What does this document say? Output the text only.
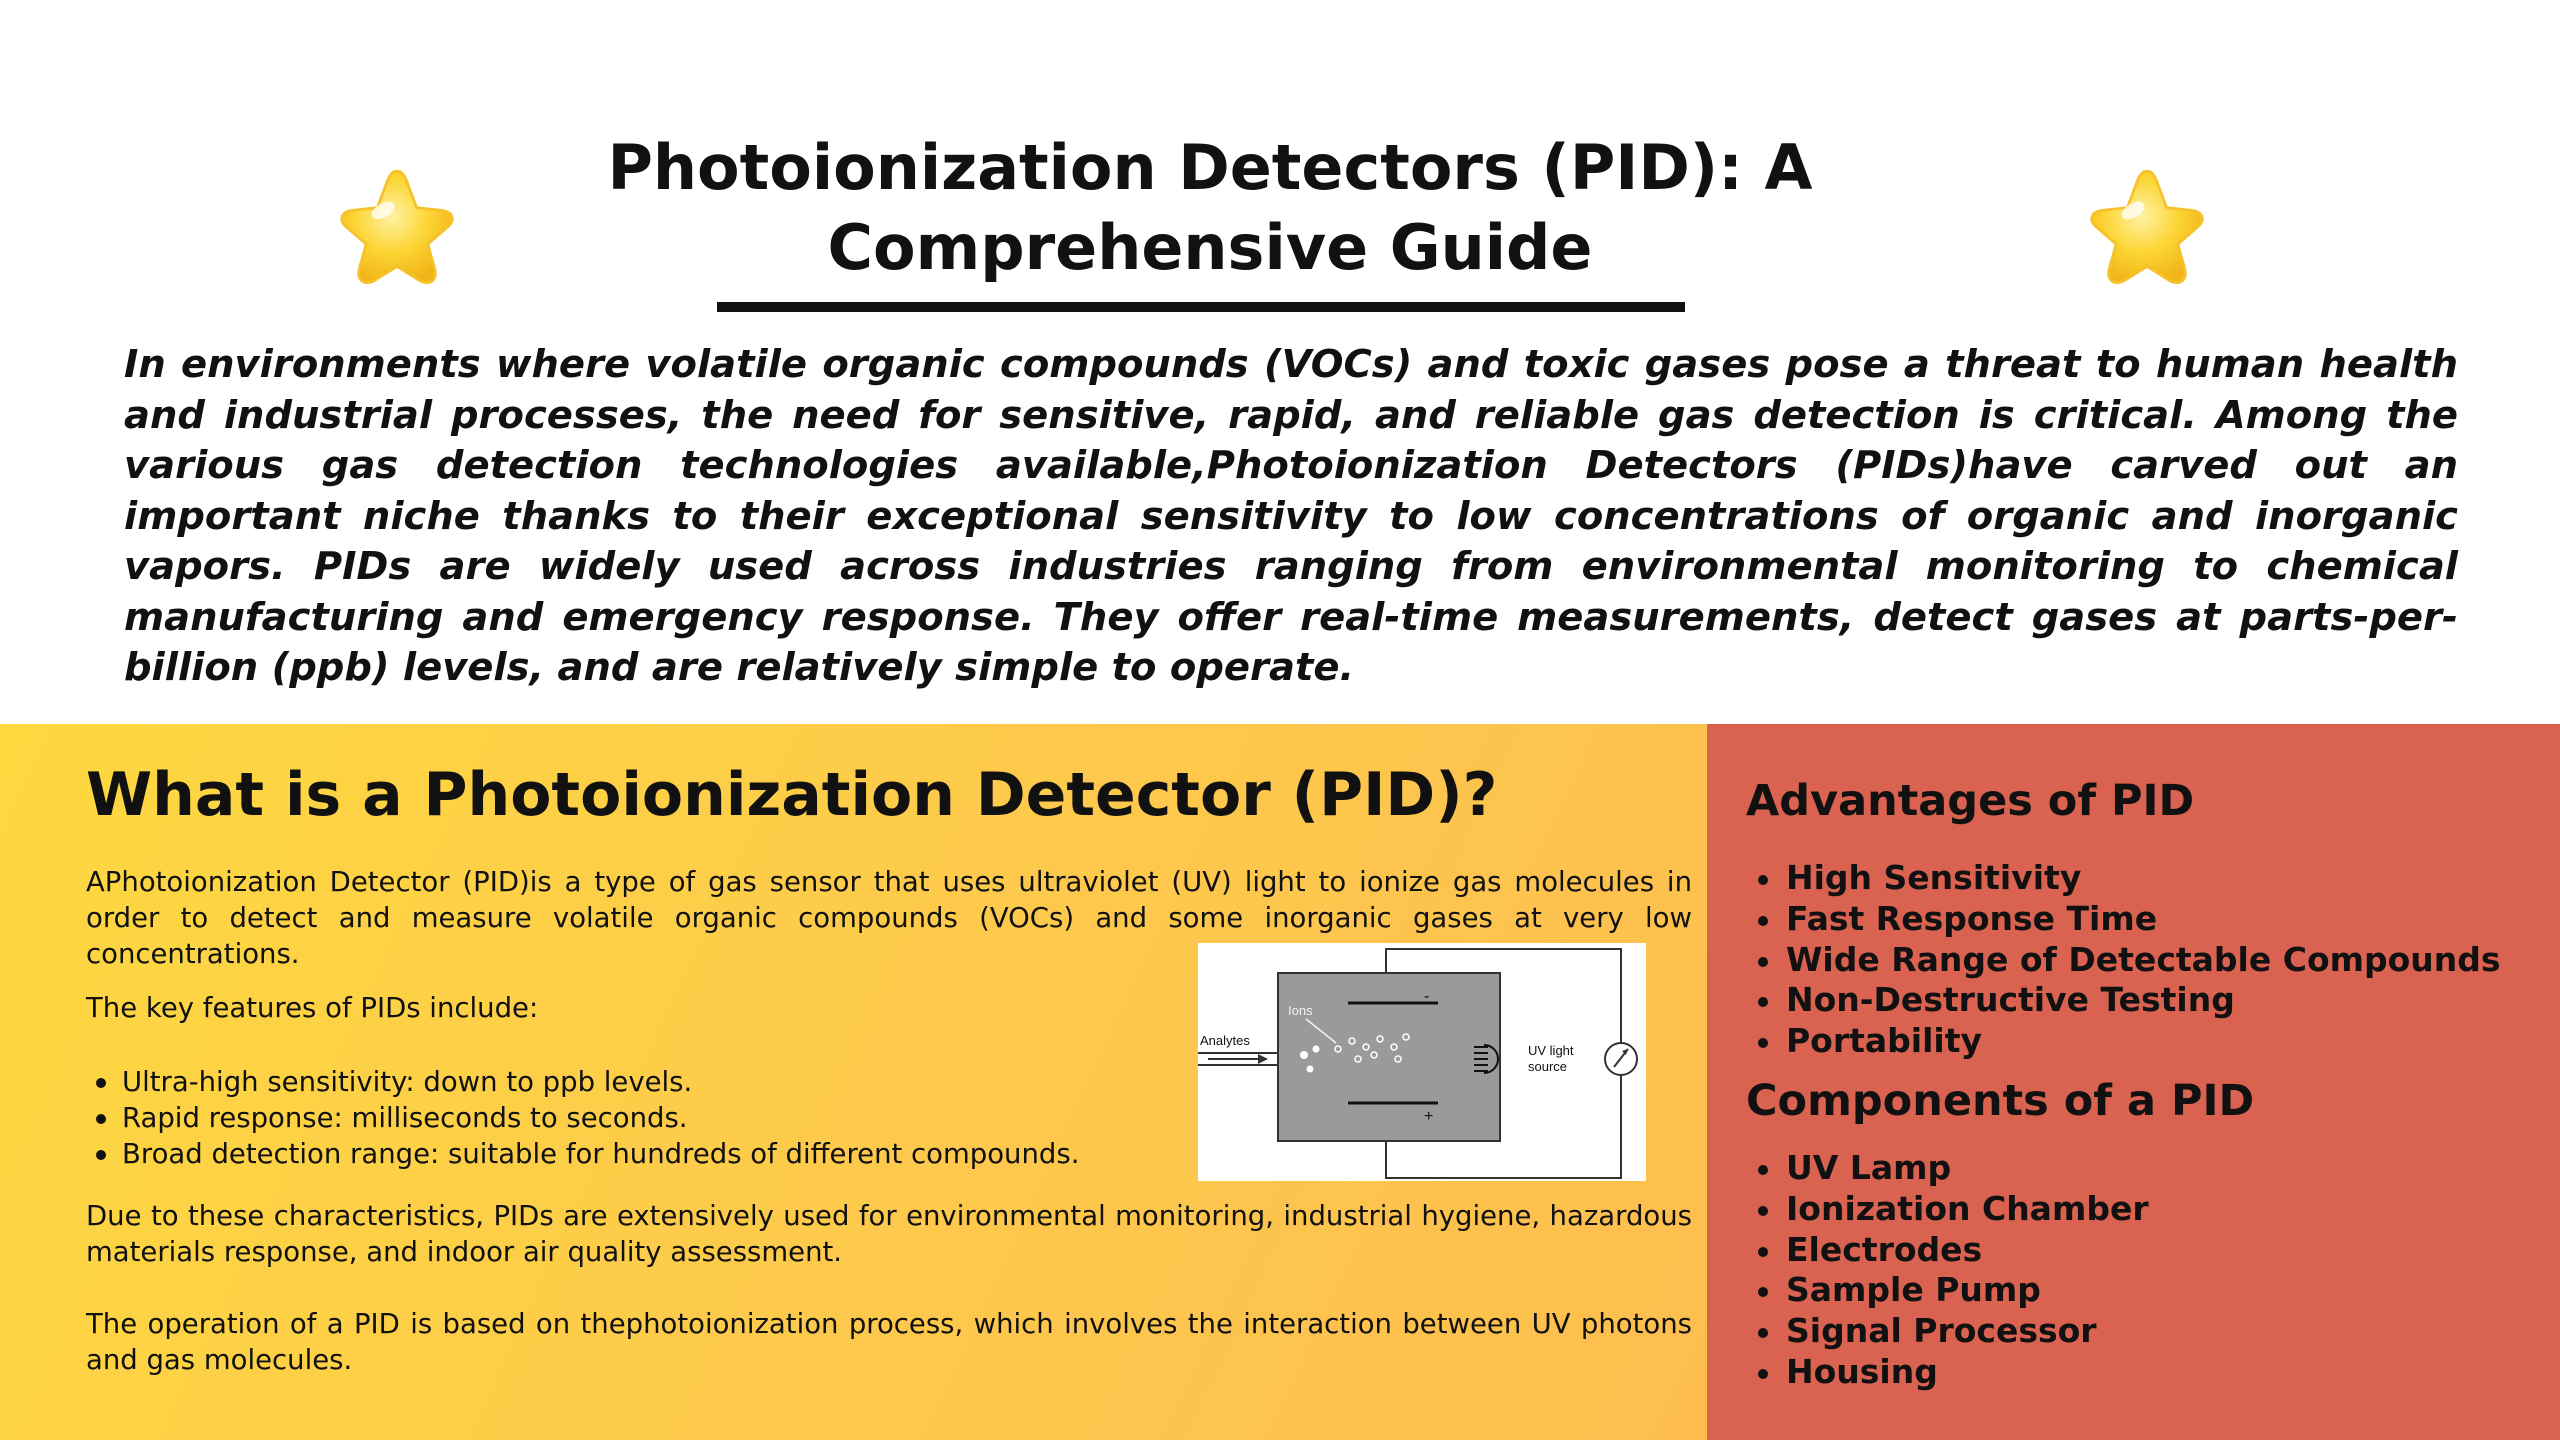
Photoionization Detectors (PID): A Comprehensive Guide

In environments where volatile organic compounds (VOCs) and toxic gases pose a threat to human health and industrial processes, the need for sensitive, rapid, and reliable gas detection is critical. Among the various gas detection technologies available,Photoionization Detectors (PIDs)have carved out an important niche thanks to their exceptional sensitivity to low concentrations of organic and inorganic vapors. PIDs are widely used across industries ranging from environmental monitoring to chemical manufacturing and emergency response. They offer real-time measurements, detect gases at parts-per-billion (ppb) levels, and are relatively simple to operate.

What is a Photoionization Detector (PID)?

APhotoionization Detector (PID)is a type of gas sensor that uses ultraviolet (UV) light to ionize gas molecules in order to detect and measure volatile organic compounds (VOCs) and some inorganic gases at very low concentrations.

The key features of PIDs include:

Ultra-high sensitivity: down to ppb levels.
Rapid response: milliseconds to seconds.
Broad detection range: suitable for hundreds of different compounds.

Due to these characteristics, PIDs are extensively used for environmental monitoring, industrial hygiene, hazardous materials response, and indoor air quality assessment.

The operation of a PID is based on thephotoionization process, which involves the interaction between UV photons and gas molecules.

-
+
Analytes
Ions
UV light
source
Advantages of PID
High Sensitivity
Fast Response Time
Wide Range of Detectable Compounds
Non-Destructive Testing
Portability
Components of a PID
UV Lamp
Ionization Chamber
Electrodes
Sample Pump
Signal Processor
Housing
